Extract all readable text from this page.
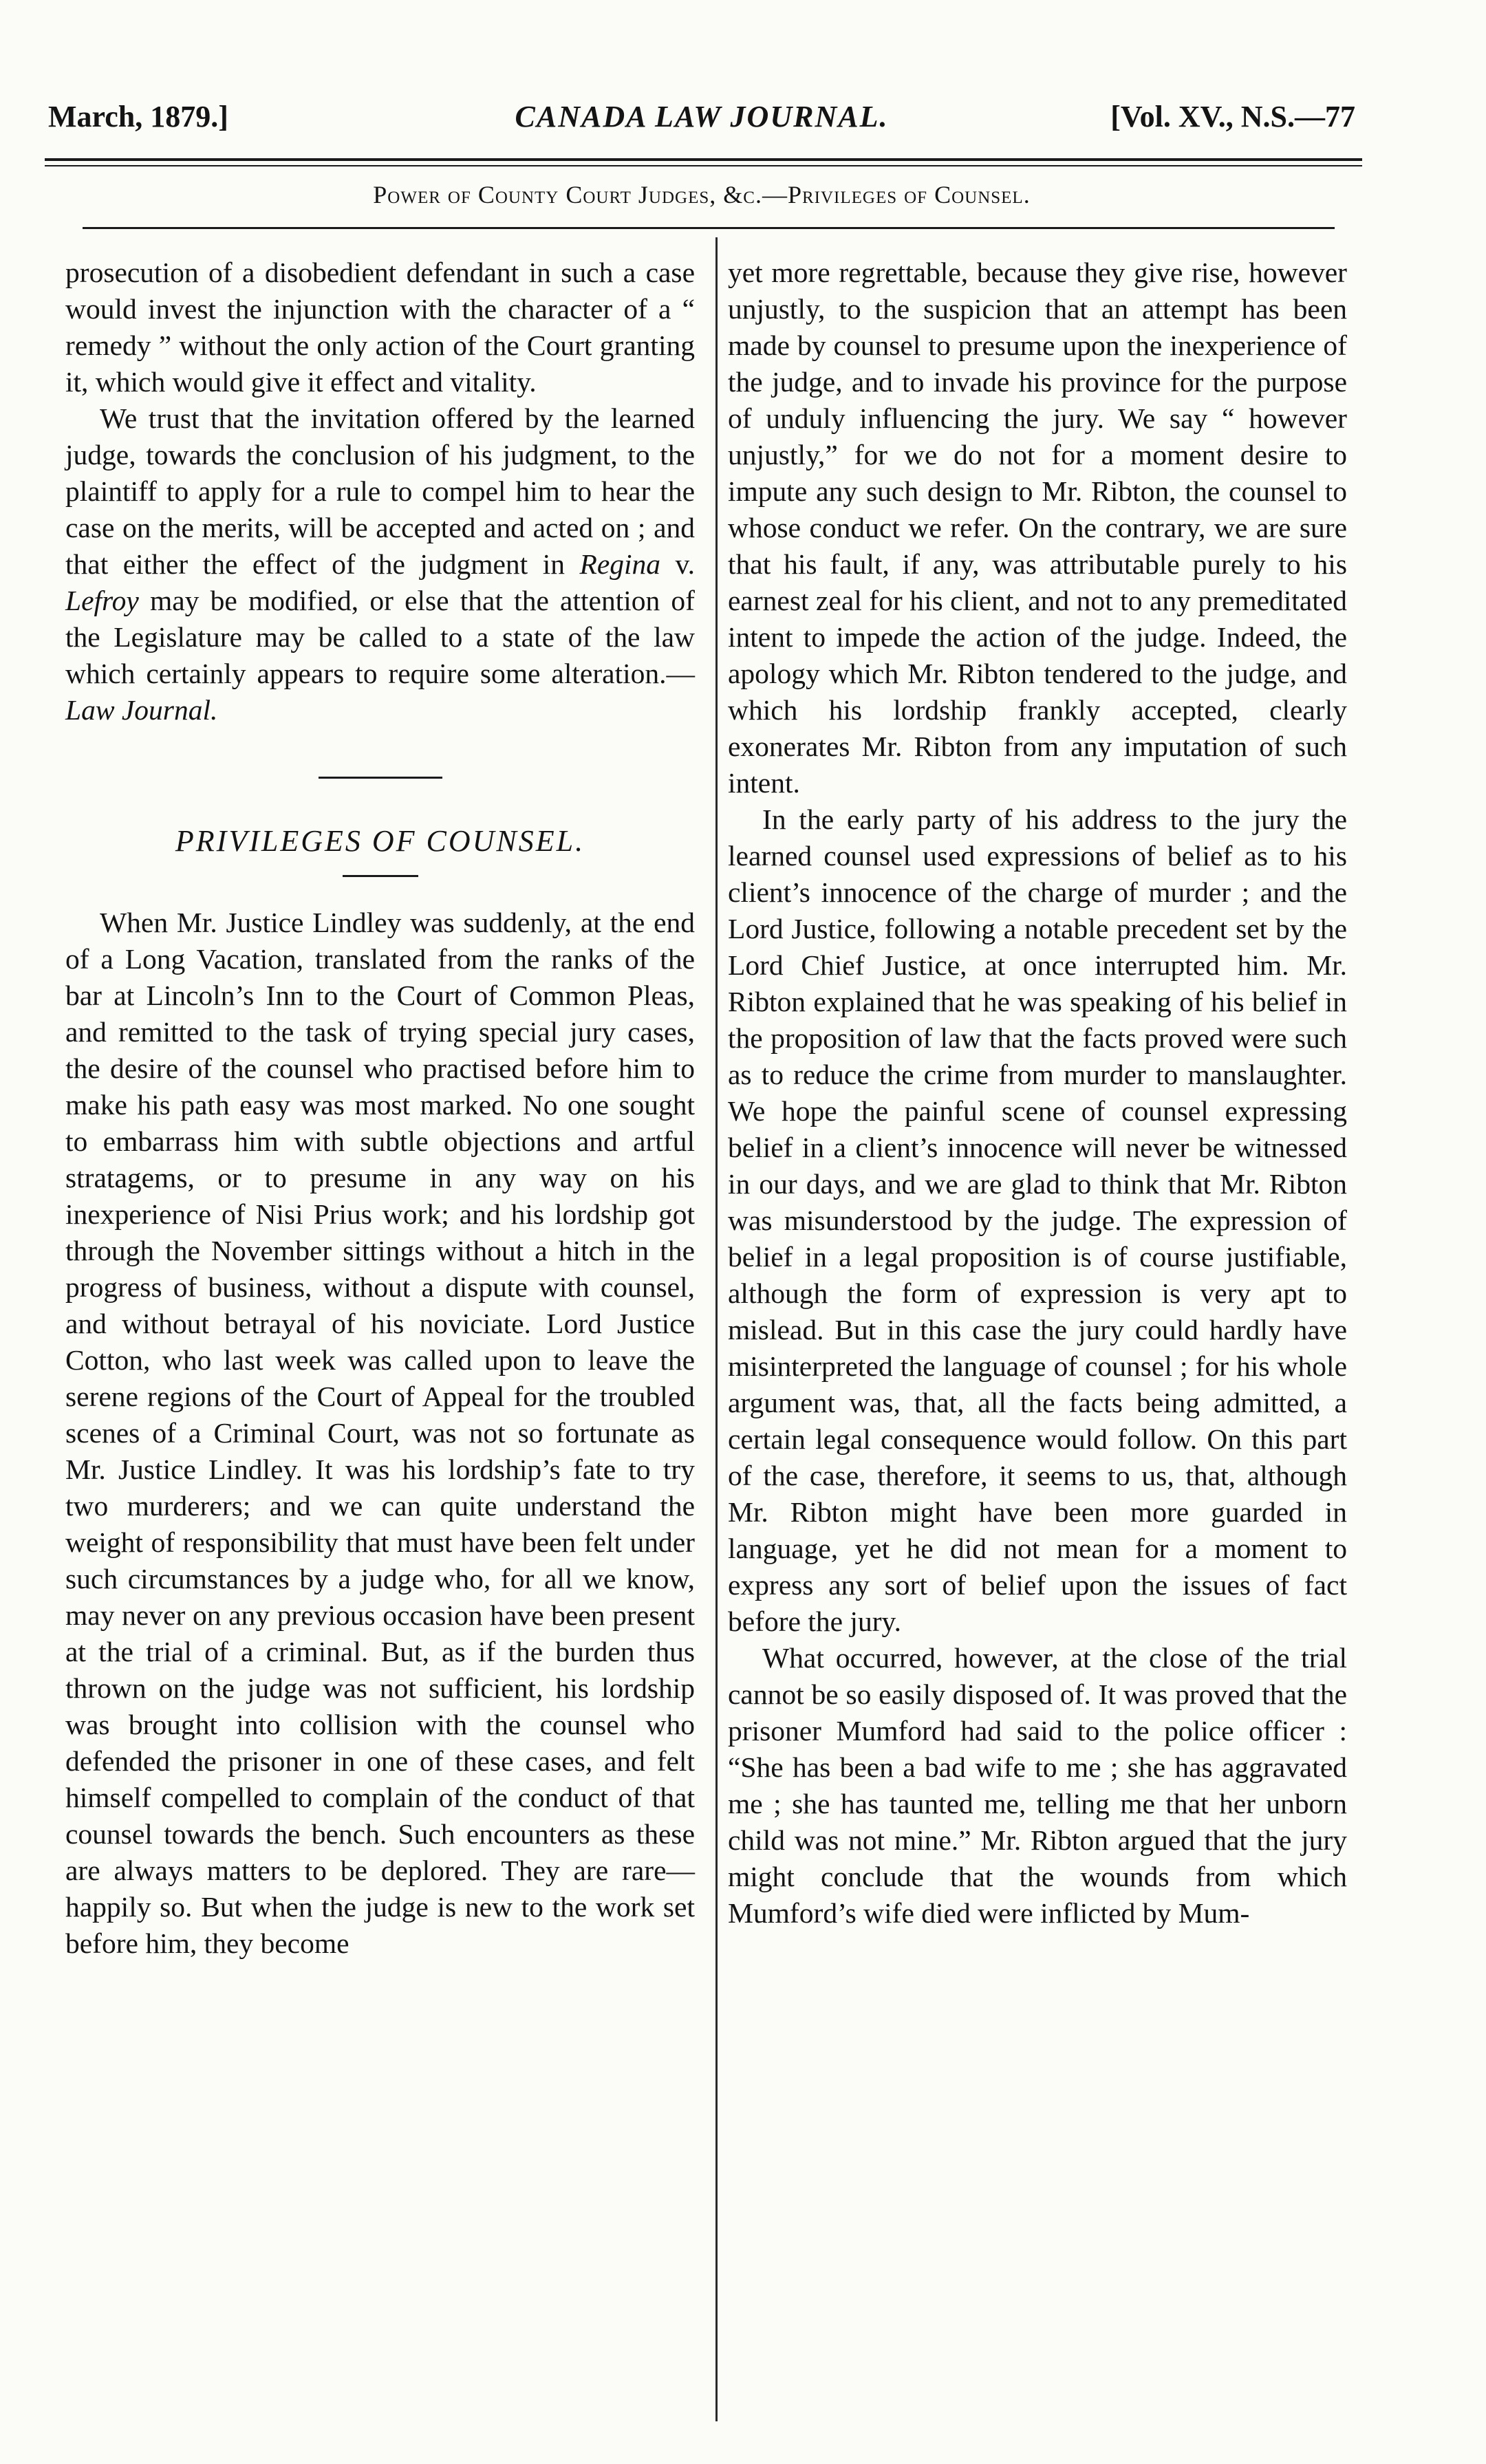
March, 1879.]	CANADA LAW JOURNAL.	[Vol. XV., N.S.—77
Power of County Court Judges, &c.—Privileges of Counsel.

prosecution of a disobedient defendant in such a case would invest the injunction with the character of a “ remedy ” without the only action of the Court granting it, which would give it effect and vitality.

We trust that the invitation offered by the learned judge, towards the conclusion of his judgment, to the plaintiff to apply for a rule to compel him to hear the case on the merits, will be accepted and acted on ; and that either the effect of the judgment in Regina v. Lefroy may be modified, or else that the attention of the Legislature may be called to a state of the law which certainly appears to require some alteration.—Law Journal.

PRIVILEGES OF COUNSEL.

When Mr. Justice Lindley was suddenly, at the end of a Long Vacation, translated from the ranks of the bar at Lincoln’s Inn to the Court of Common Pleas, and remitted to the task of trying special jury cases, the desire of the counsel who practised before him to make his path easy was most marked. No one sought to embarrass him with subtle objections and artful stratagems, or to presume in any way on his inexperience of Nisi Prius work; and his lordship got through the November sittings without a hitch in the progress of business, without a dispute with counsel, and without betrayal of his noviciate. Lord Justice Cotton, who last week was called upon to leave the serene regions of the Court of Appeal for the troubled scenes of a Criminal Court, was not so fortunate as Mr. Justice Lindley. It was his lordship’s fate to try two murderers; and we can quite understand the weight of responsibility that must have been felt under such circumstances by a judge who, for all we know, may never on any previous occasion have been present at the trial of a criminal. But, as if the burden thus thrown on the judge was not sufficient, his lordship was brought into collision with the counsel who defended the prisoner in one of these cases, and felt himself compelled to complain of the conduct of that counsel towards the bench. Such encounters as these are always matters to be deplored. They are rare—happily so. But when the judge is new to the work set before him, they become

yet more regrettable, because they give rise, however unjustly, to the suspicion that an attempt has been made by counsel to presume upon the inexperience of the judge, and to invade his province for the purpose of unduly influencing the jury. We say “ however unjustly,” for we do not for a moment desire to impute any such design to Mr. Ribton, the counsel to whose conduct we refer. On the contrary, we are sure that his fault, if any, was attributable purely to his earnest zeal for his client, and not to any premeditated intent to impede the action of the judge. Indeed, the apology which Mr. Ribton tendered to the judge, and which his lordship frankly accepted, clearly exonerates Mr. Ribton from any imputation of such intent.

In the early party of his address to the jury the learned counsel used expressions of belief as to his client’s innocence of the charge of murder ; and the Lord Justice, following a notable precedent set by the Lord Chief Justice, at once interrupted him. Mr. Ribton explained that he was speaking of his belief in the proposition of law that the facts proved were such as to reduce the crime from murder to manslaughter. We hope the painful scene of counsel expressing belief in a client’s innocence will never be witnessed in our days, and we are glad to think that Mr. Ribton was misunderstood by the judge. The expression of belief in a legal proposition is of course justifiable, although the form of expression is very apt to mislead. But in this case the jury could hardly have misinterpreted the language of counsel ; for his whole argument was, that, all the facts being admitted, a certain legal consequence would follow. On this part of the case, therefore, it seems to us, that, although Mr. Ribton might have been more guarded in language, yet he did not mean for a moment to express any sort of belief upon the issues of fact before the jury.

What occurred, however, at the close of the trial cannot be so easily disposed of. It was proved that the prisoner Mumford had said to the police officer : “She has been a bad wife to me ; she has aggravated me ; she has taunted me, telling me that her unborn child was not mine.” Mr. Ribton argued that the jury might conclude that the wounds from which Mumford’s wife died were inflicted by Mum-
